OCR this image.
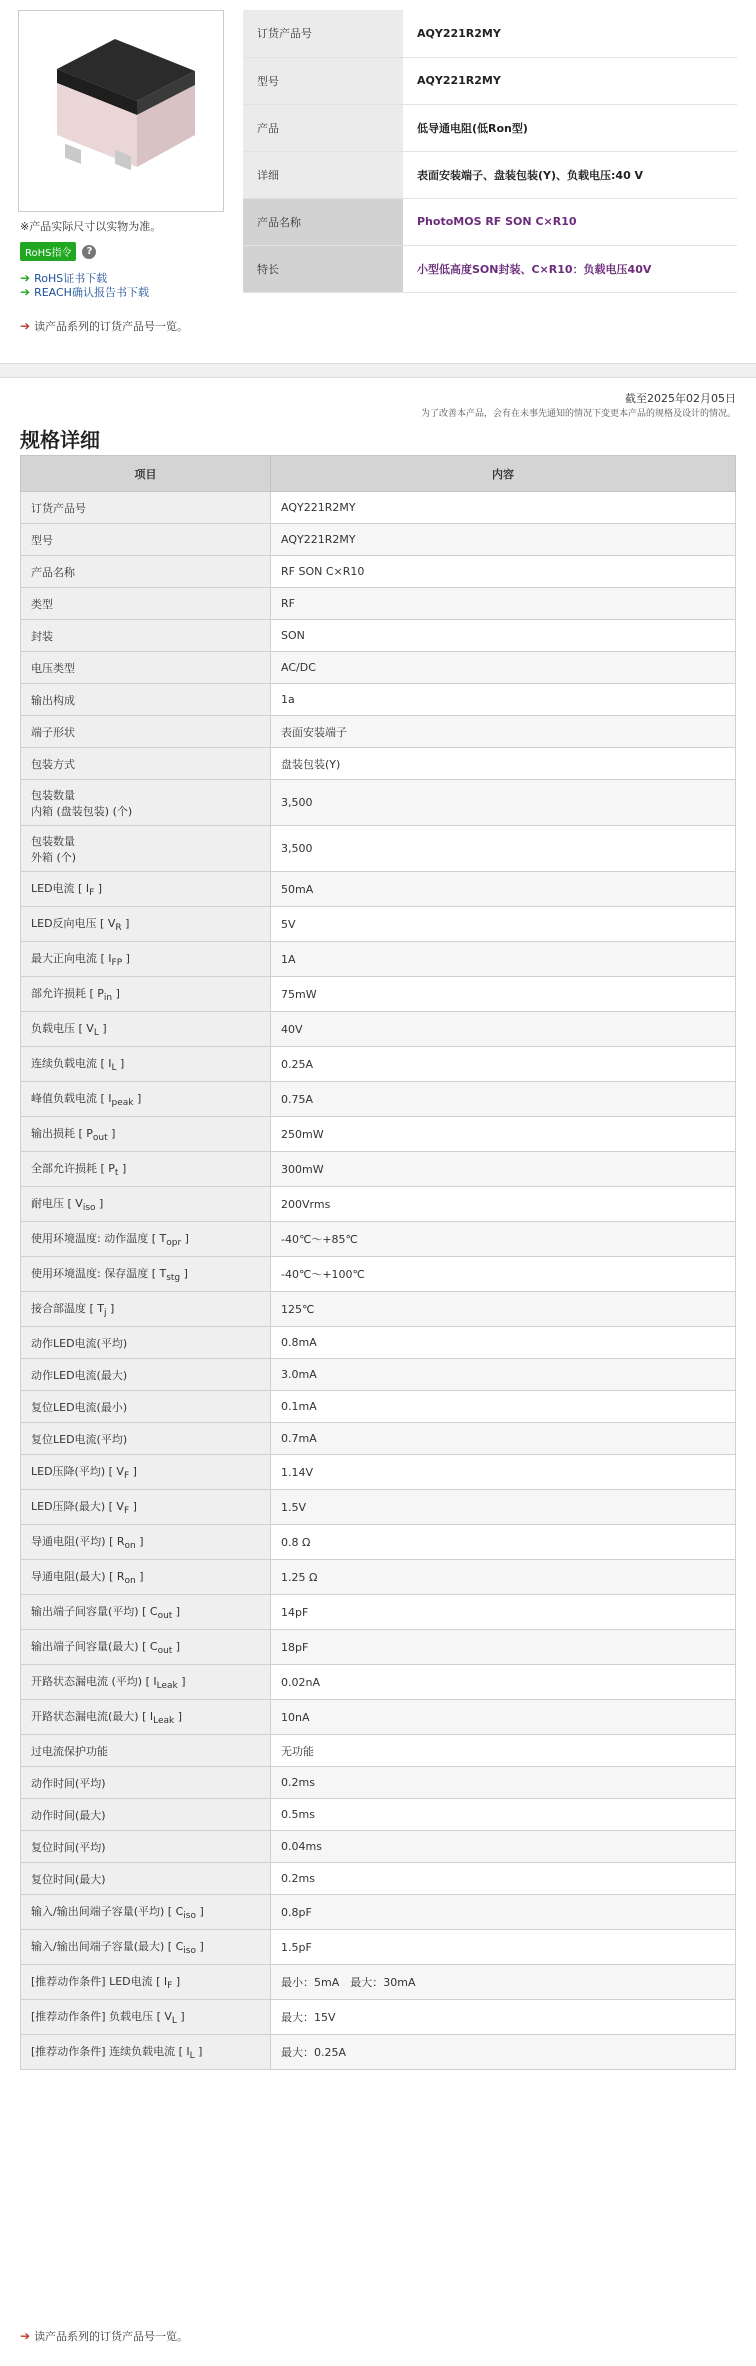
※产品实际尺寸以实物为准。
RoHS指令	?
➔ RoHS证书下载
➔ REACH确认报告书下载
➔ 读产品系列的订货产品号一览。
订货产品号	AQY221R2MY
型号	AQY221R2MY
产品	低导通电阻(低Ron型)
详细	表面安装端子、盘装包装(Y)、负载电压:40 V
产品名称	PhotoMOS RF SON C×R10
特长	小型低高度SON封装、C×R10：负载电压40V
截至2025年02月05日
为了改善本产品，会有在未事先通知的情况下变更本产品的规格及设计的情况。
规格详细
项目	内容
订货产品号	AQY221R2MY
型号	AQY221R2MY
产品名称	RF SON C×R10
类型	RF
封装	SON
电压类型	AC/DC
输出构成	1a
端子形状	表面安装端子
包装方式	盘装包装(Y)
包装数量
内箱 (盘装包装) (个)	3,500
包装数量
外箱 (个)	3,500
LED电流 [ $I_F$ ]	50mA
LED反向电压 [ $V_R$ ]	5V
最大正向电流 [ $I_{FP}$ ]	1A
部允许损耗 [ $P_{in}$ ]	75mW
负载电压 [ $V_L$ ]	40V
连续负载电流 [ $I_L$ ]	0.25A
峰值负载电流 [ $I_{peak}$ ]	0.75A
输出损耗 [ $P_{out}$ ]	250mW
全部允许损耗 [ $P_t$ ]	300mW
耐电压 [ $V_{iso}$ ]	200Vrms
使用环境温度: 动作温度 [ $T_{opr}$ ]	-40℃～+85℃
使用环境温度: 保存温度 [ $T_{stg}$ ]	-40℃～+100℃
接合部温度 [ $T_j$ ]	125℃
动作LED电流(平均)	0.8mA
动作LED电流(最大)	3.0mA
复位LED电流(最小)	0.1mA
复位LED电流(平均)	0.7mA
LED压降(平均) [ $V_F$ ]	1.14V
LED压降(最大) [ $V_F$ ]	1.5V
导通电阻(平均) [ $R_{on}$ ]	0.8 Ω
导通电阻(最大) [ $R_{on}$ ]	1.25 Ω
输出端子间容量(平均) [ $C_{out}$ ]	14pF
输出端子间容量(最大) [ $C_{out}$ ]	18pF
开路状态漏电流 (平均) [ $I_{Leak}$ ]	0.02nA
开路状态漏电流(最大) [ $I_{Leak}$ ]	10nA
过电流保护功能	无功能
动作时间(平均)	0.2ms
动作时间(最大)	0.5ms
复位时间(平均)	0.04ms
复位时间(最大)	0.2ms
输入/输出间端子容量(平均) [ $C_{iso}$ ]	0.8pF
输入/输出间端子容量(最大) [ $C_{iso}$ ]	1.5pF
[推荐动作条件] LED电流 [ $I_F$ ]	最小：5mA　最大：30mA
[推荐动作条件] 负载电压 [ $V_L$ ]	最大：15V
[推荐动作条件] 连续负载电流 [ $I_L$ ]	最大：0.25A
➔ 读产品系列的订货产品号一览。
